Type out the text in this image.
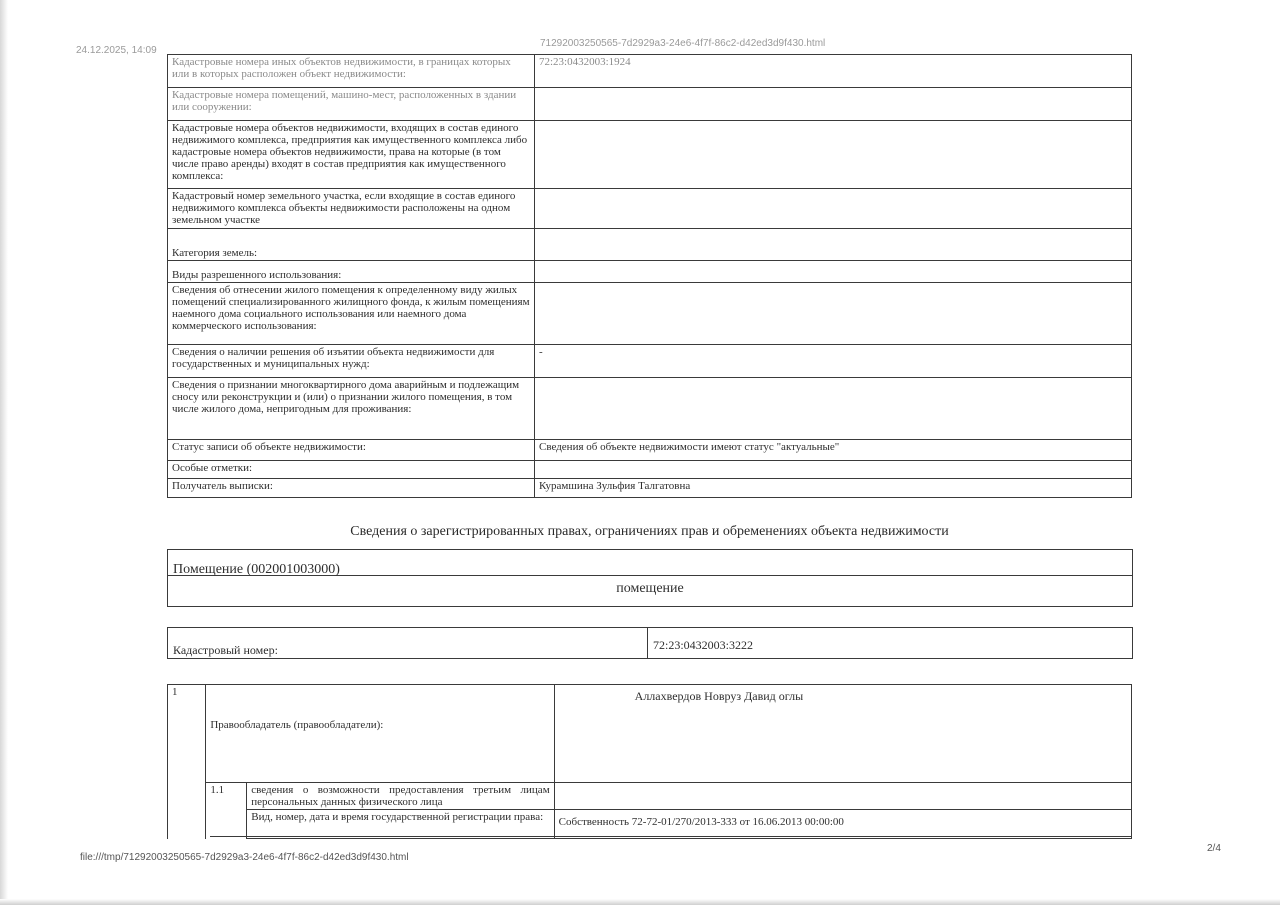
24.12.2025, 14:09
71292003250565-7d2929a3-24e6-4f7f-86c2-d42ed3d9f430.html
Кадастровые номера иных объектов недвижимости, в границах которых или в которых расположен объект недвижимости:	72:23:0432003:1924
Кадастровые номера помещений, машино-мест, расположенных в здании или сооружении:	
Кадастровые номера объектов недвижимости, входящих в состав единого недвижимого комплекса, предприятия как имущественного комплекса либо кадастровые номера объектов недвижимости, права на которые (в том числе право аренды) входят в состав предприятия как имущественного комплекса:	
Кадастровый номер земельного участка, если входящие в состав единого недвижимого комплекса объекты недвижимости расположены на одном земельном участке	
Категория земель:	
Виды разрешенного использования:	
Сведения об отнесении жилого помещения к определенному виду жилых помещений специализированного жилищного фонда, к жилым помещениям наемного дома социального использования или наемного дома коммерческого использования:	
Сведения о наличии решения об изъятии объекта недвижимости для государственных и муниципальных нужд:	-
Сведения о признании многоквартирного дома аварийным и подлежащим сносу или реконструкции и (или) о признании жилого помещения, в том числе жилого дома, непригодным для проживания:	
Статус записи об объекте недвижимости:	Сведения об объекте недвижимости имеют статус "актуальные"
Особые отметки:	
Получатель выписки:	Курамшина Зульфия Талгатовна
Сведения о зарегистрированных правах, ограничениях прав и обременениях объекта недвижимости
Помещение (002001003000)
помещение
Кадастровый номер:	72:23:0432003:3222
1	Правообладатель (правообладатели):		Аллахвердов Новруз Давид оглы
	1.1	сведения о возможности предоставления третьим лицам персональных данных физического лица	
		Вид, номер, дата и время государственной регистрации права:	Собственность 72-72-01/270/2013-333 от 16.06.2013 00:00:00
file:///tmp/71292003250565-7d2929a3-24e6-4f7f-86c2-d42ed3d9f430.html
2/4
